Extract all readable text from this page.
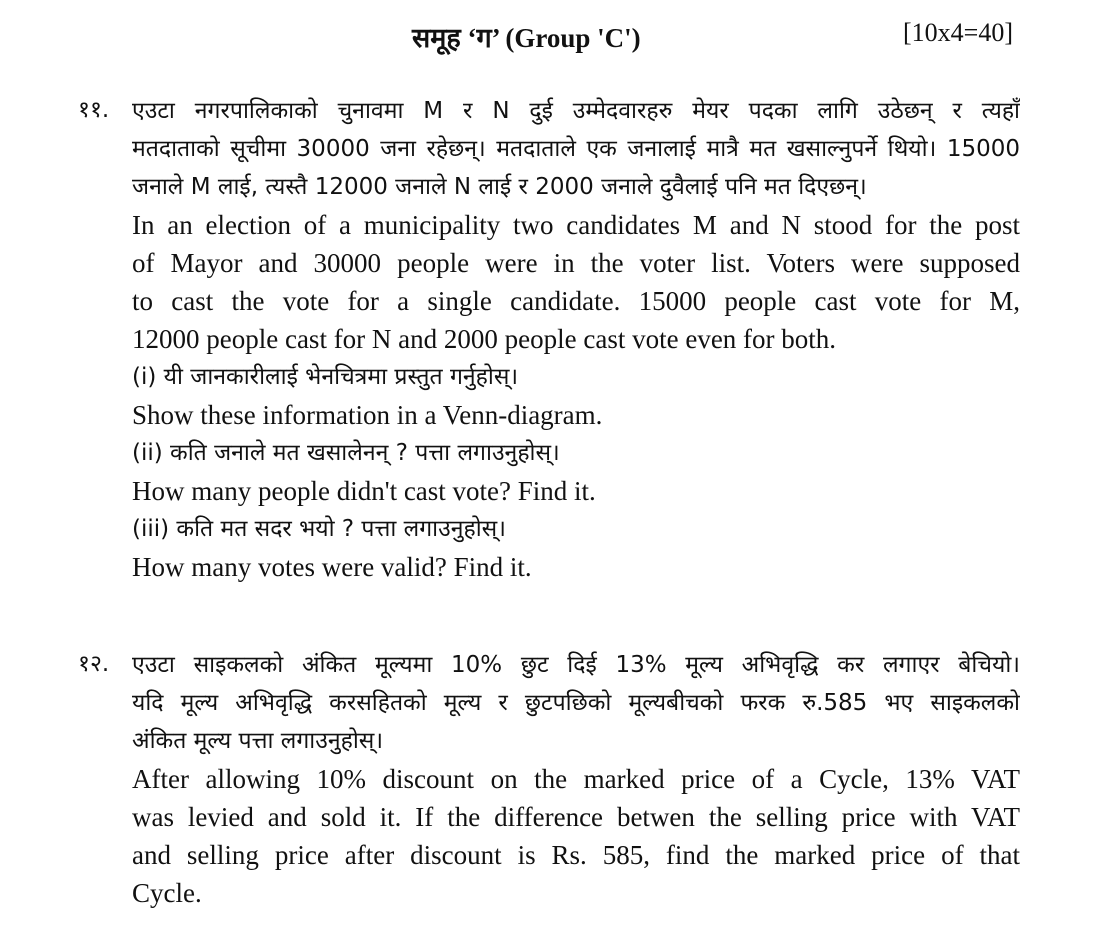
समूह ‘ग’ (Group 'C')	[10x4=40]
११. एउटा नगरपालिकाको चुनावमा M र N दुई उम्मेदवारहरु मेयर पदका लागि उठेछन् र त्यहाँ
मतदाताको सूचीमा 30000 जना रहेछन्। मतदाताले एक जनालाई मात्रै मत खसाल्नुपर्ने थियो। 15000
जनाले M लाई, त्यस्तै 12000 जनाले N लाई र 2000 जनाले दुवैलाई पनि मत दिएछन्।
In an election of a municipality two candidates M and N stood for the post
of Mayor and 30000 people were in the voter list. Voters were supposed
to cast the vote for a single candidate. 15000 people cast vote for M,
12000 people cast for N and 2000 people cast vote even for both.
(i) यी जानकारीलाई भेनचित्रमा प्रस्तुत गर्नुहोस्।
Show these information in a Venn-diagram.
(ii) कति जनाले मत खसालेनन् ? पत्ता लगाउनुहोस्।
How many people didn't cast vote? Find it.
(iii) कति मत सदर भयो ? पत्ता लगाउनुहोस्।
How many votes were valid? Find it.
१२. एउटा साइकलको अंकित मूल्यमा 10% छुट दिई 13% मूल्य अभिवृद्धि कर लगाएर बेचियो।
यदि मूल्य अभिवृद्धि करसहितको मूल्य र छुटपछिको मूल्यबीचको फरक रु.585 भए साइकलको
अंकित मूल्य पत्ता लगाउनुहोस्।
After allowing 10% discount on the marked price of a Cycle, 13% VAT
was levied and sold it. If the difference betwen the selling price with VAT
and selling price after discount is Rs. 585, find the marked price of that
Cycle.
